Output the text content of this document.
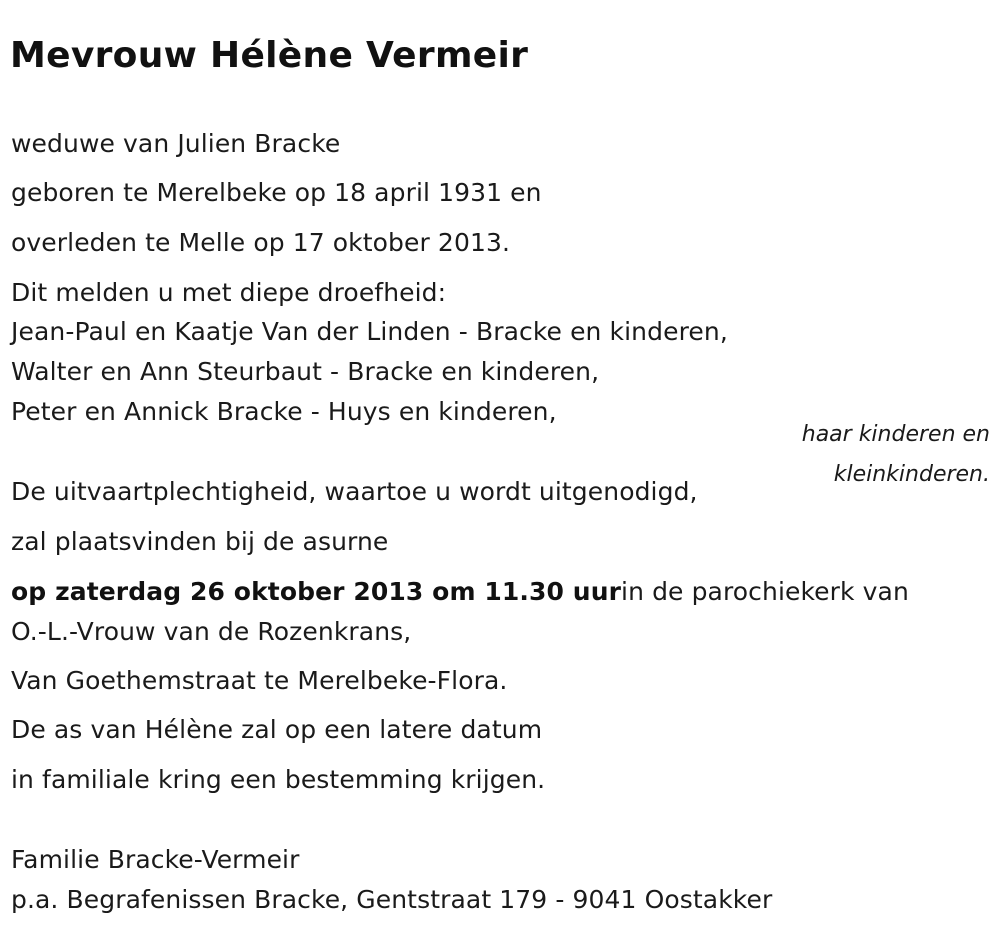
Mevrouw Hélène Vermeir

weduwe van Julien Bracke

geboren te Merelbeke op 18 april 1931 en

overleden te Melle op 17 oktober 2013.

Dit melden u met diepe droefheid:

Jean-Paul en Kaatje Van der Linden - Bracke en kinderen,

Walter en Ann Steurbaut - Bracke en kinderen,

Peter en Annick Bracke - Huys en kinderen,

haar kinderen en

kleinkinderen.

De uitvaartplechtigheid, waartoe u wordt uitgenodigd,

zal plaatsvinden bij de asurne

op zaterdag 26 oktober 2013 om 11.30 uurin de parochiekerk van

O.-L.-Vrouw van de Rozenkrans,

Van Goethemstraat te Merelbeke-Flora.

De as van Hélène zal op een latere datum

in familiale kring een bestemming krijgen.

Familie Bracke-Vermeir

p.a. Begrafenissen Bracke, Gentstraat 179 - 9041 Oostakker
